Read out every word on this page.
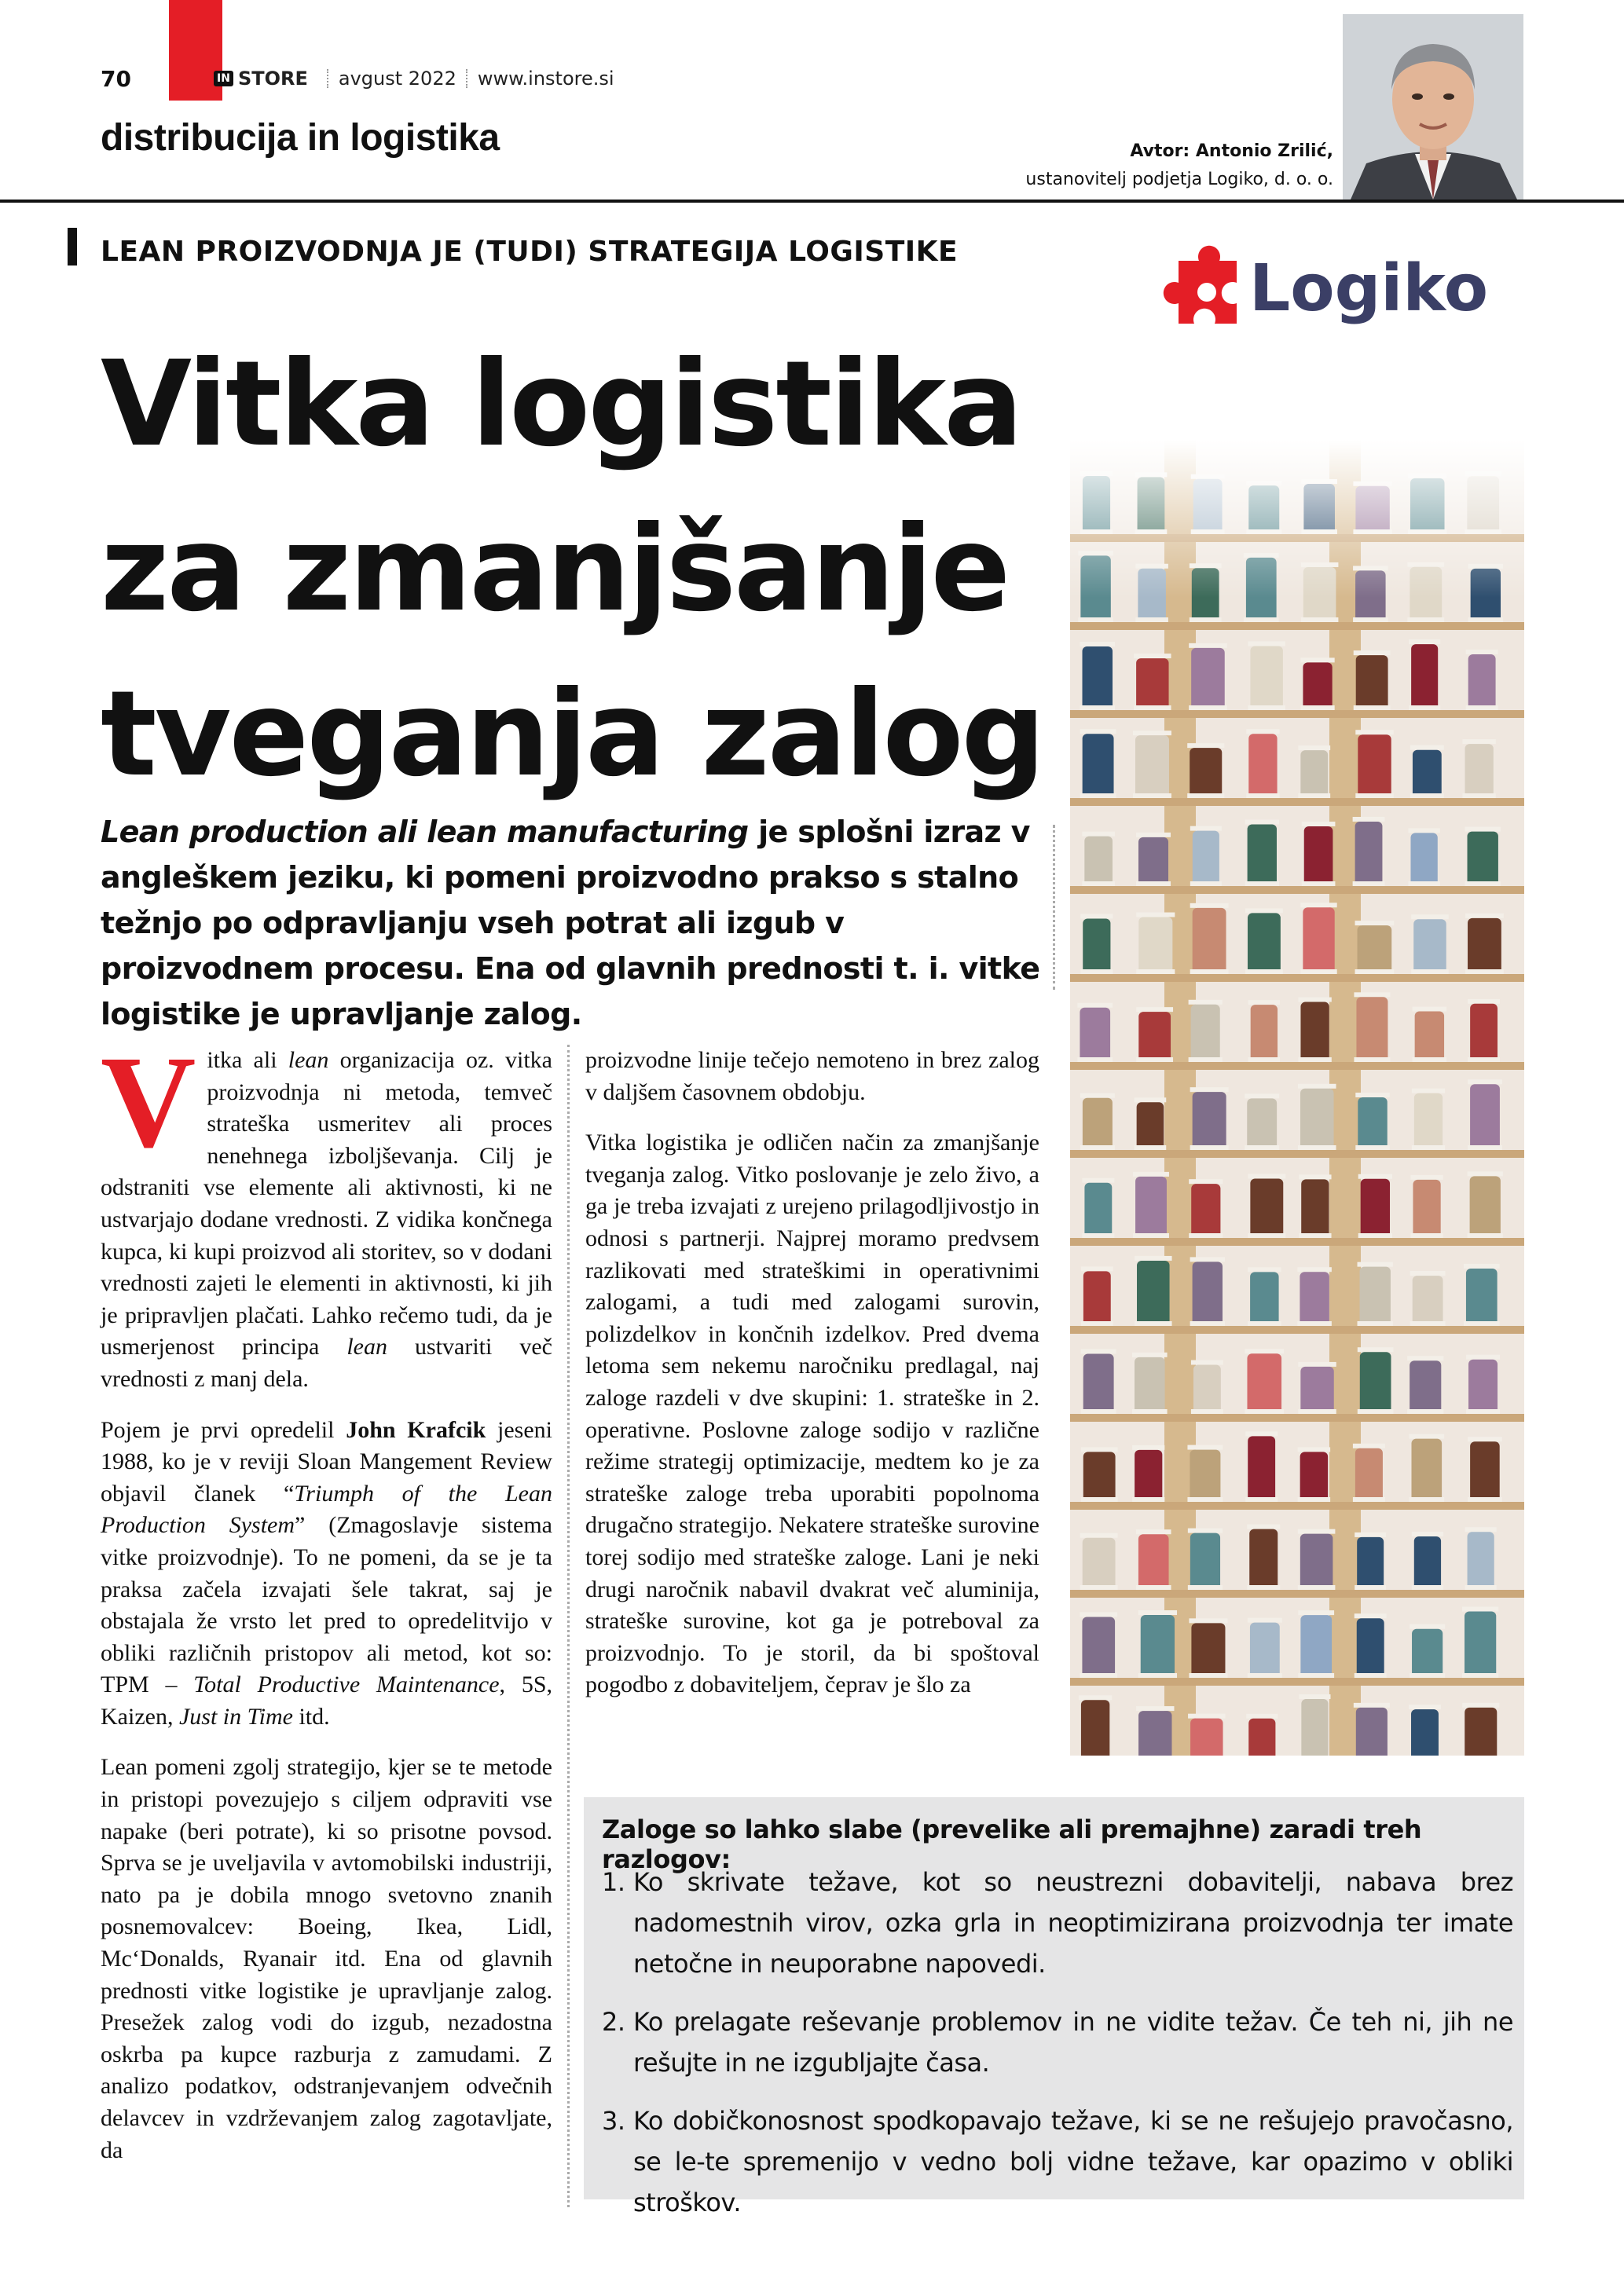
70	IN STORE avgust 2022 www.instore.si
distribucija in logistika	Avtor: Antonio Zrilić,
ustanovitelj podjetja Logiko, d. o. o.
LEAN PROIZVODNJA JE (TUDI) STRATEGIJA LOGISTIKE
Vitka logistika
za zmanjšanje
tveganja zalog
Logiko
Lean production ali lean manufacturing je splošni izraz v angleškem jeziku, ki pomeni proizvodno prakso s stalno težnjo po odpravljanju vseh potrat ali izgub v proizvodnem procesu. Ena od glavnih prednosti t. i. vitke logistike je upravljanje zalog.

Vitka ali lean organizacija oz. vitka proizvodnja ni metoda, temveč strateška usmeritev ali proces nenehnega izboljševanja. Cilj je odstraniti vse elemente ali aktivnosti, ki ne ustvarjajo dodane vrednosti. Z vidika končnega kupca, ki kupi proizvod ali storitev, so v dodani vrednosti zajeti le elementi in aktivnosti, ki jih je pripravljen plačati. Lahko rečemo tudi, da je usmerjenost principa lean ustvariti več vrednosti z manj dela.

Pojem je prvi opredelil John Krafcik jeseni 1988, ko je v reviji Sloan Mangement Review objavil članek “Triumph of the Lean Production System” (Zmagoslavje sistema vitke proizvodnje). To ne pomeni, da se je ta praksa začela izvajati šele takrat, saj je obstajala že vrsto let pred to opredelitvijo v obliki različnih pristopov ali metod, kot so: TPM – Total Productive Maintenance, 5S, Kaizen, Just in Time itd.

Lean pomeni zgolj strategijo, kjer se te metode in pristopi povezujejo s ciljem odpraviti vse napake (beri potrate), ki so prisotne povsod. Sprva se je uveljavila v avtomobilski industriji, nato pa je dobila mnogo svetovno znanih posnemovalcev: Boeing, Ikea, Lidl, Mc‘Donalds, Ryanair itd. Ena od glavnih prednosti vitke logistike je upravljanje zalog. Presežek zalog vodi do izgub, nezadostna oskrba pa kupce razburja z zamudami. Z analizo podatkov, odstranjevanjem odvečnih delavcev in vzdrževanjem zalog zagotavljate, da

proizvodne linije tečejo nemoteno in brez zalog v daljšem časovnem obdobju.

Vitka logistika je odličen način za zmanjšanje tveganja zalog. Vitko poslovanje je zelo živo, a ga je treba izvajati z urejeno prilagodljivostjo in odnosi s partnerji. Najprej moramo predvsem razlikovati med strateškimi in operativnimi zalogami, a tudi med zalogami surovin, polizdelkov in končnih izdelkov. Pred dvema letoma sem nekemu naročniku predlagal, naj zaloge razdeli v dve skupini: 1. strateške in 2. operativne. Poslovne zaloge sodijo v različne režime strategij optimizacije, medtem ko je za strateške zaloge treba uporabiti popolnoma drugačno strategijo. Nekatere strateške surovine torej sodijo med strateške zaloge. Lani je neki drugi naročnik nabavil dvakrat več aluminija, strateške surovine, kot ga je potreboval za proizvodnjo. To je storil, da bi spoštoval pogodbo z dobaviteljem, čeprav je šlo za

Zaloge so lahko slabe (prevelike ali premajhne) zaradi treh razlogov:
1. Ko skrivate težave, kot so neustrezni dobavitelji, nabava brez nadomestnih virov, ozka grla in neoptimizirana proizvodnja ter imate netočne in neuporabne napovedi.
2. Ko prelagate reševanje problemov in ne vidite težav. Če teh ni, jih ne rešujte in ne izgubljajte časa.
3. Ko dobičkonosnost spodkopavajo težave, ki se ne rešujejo pravočasno, se le-te spremenijo v vedno bolj vidne težave, kar opazimo v obliki stroškov.
